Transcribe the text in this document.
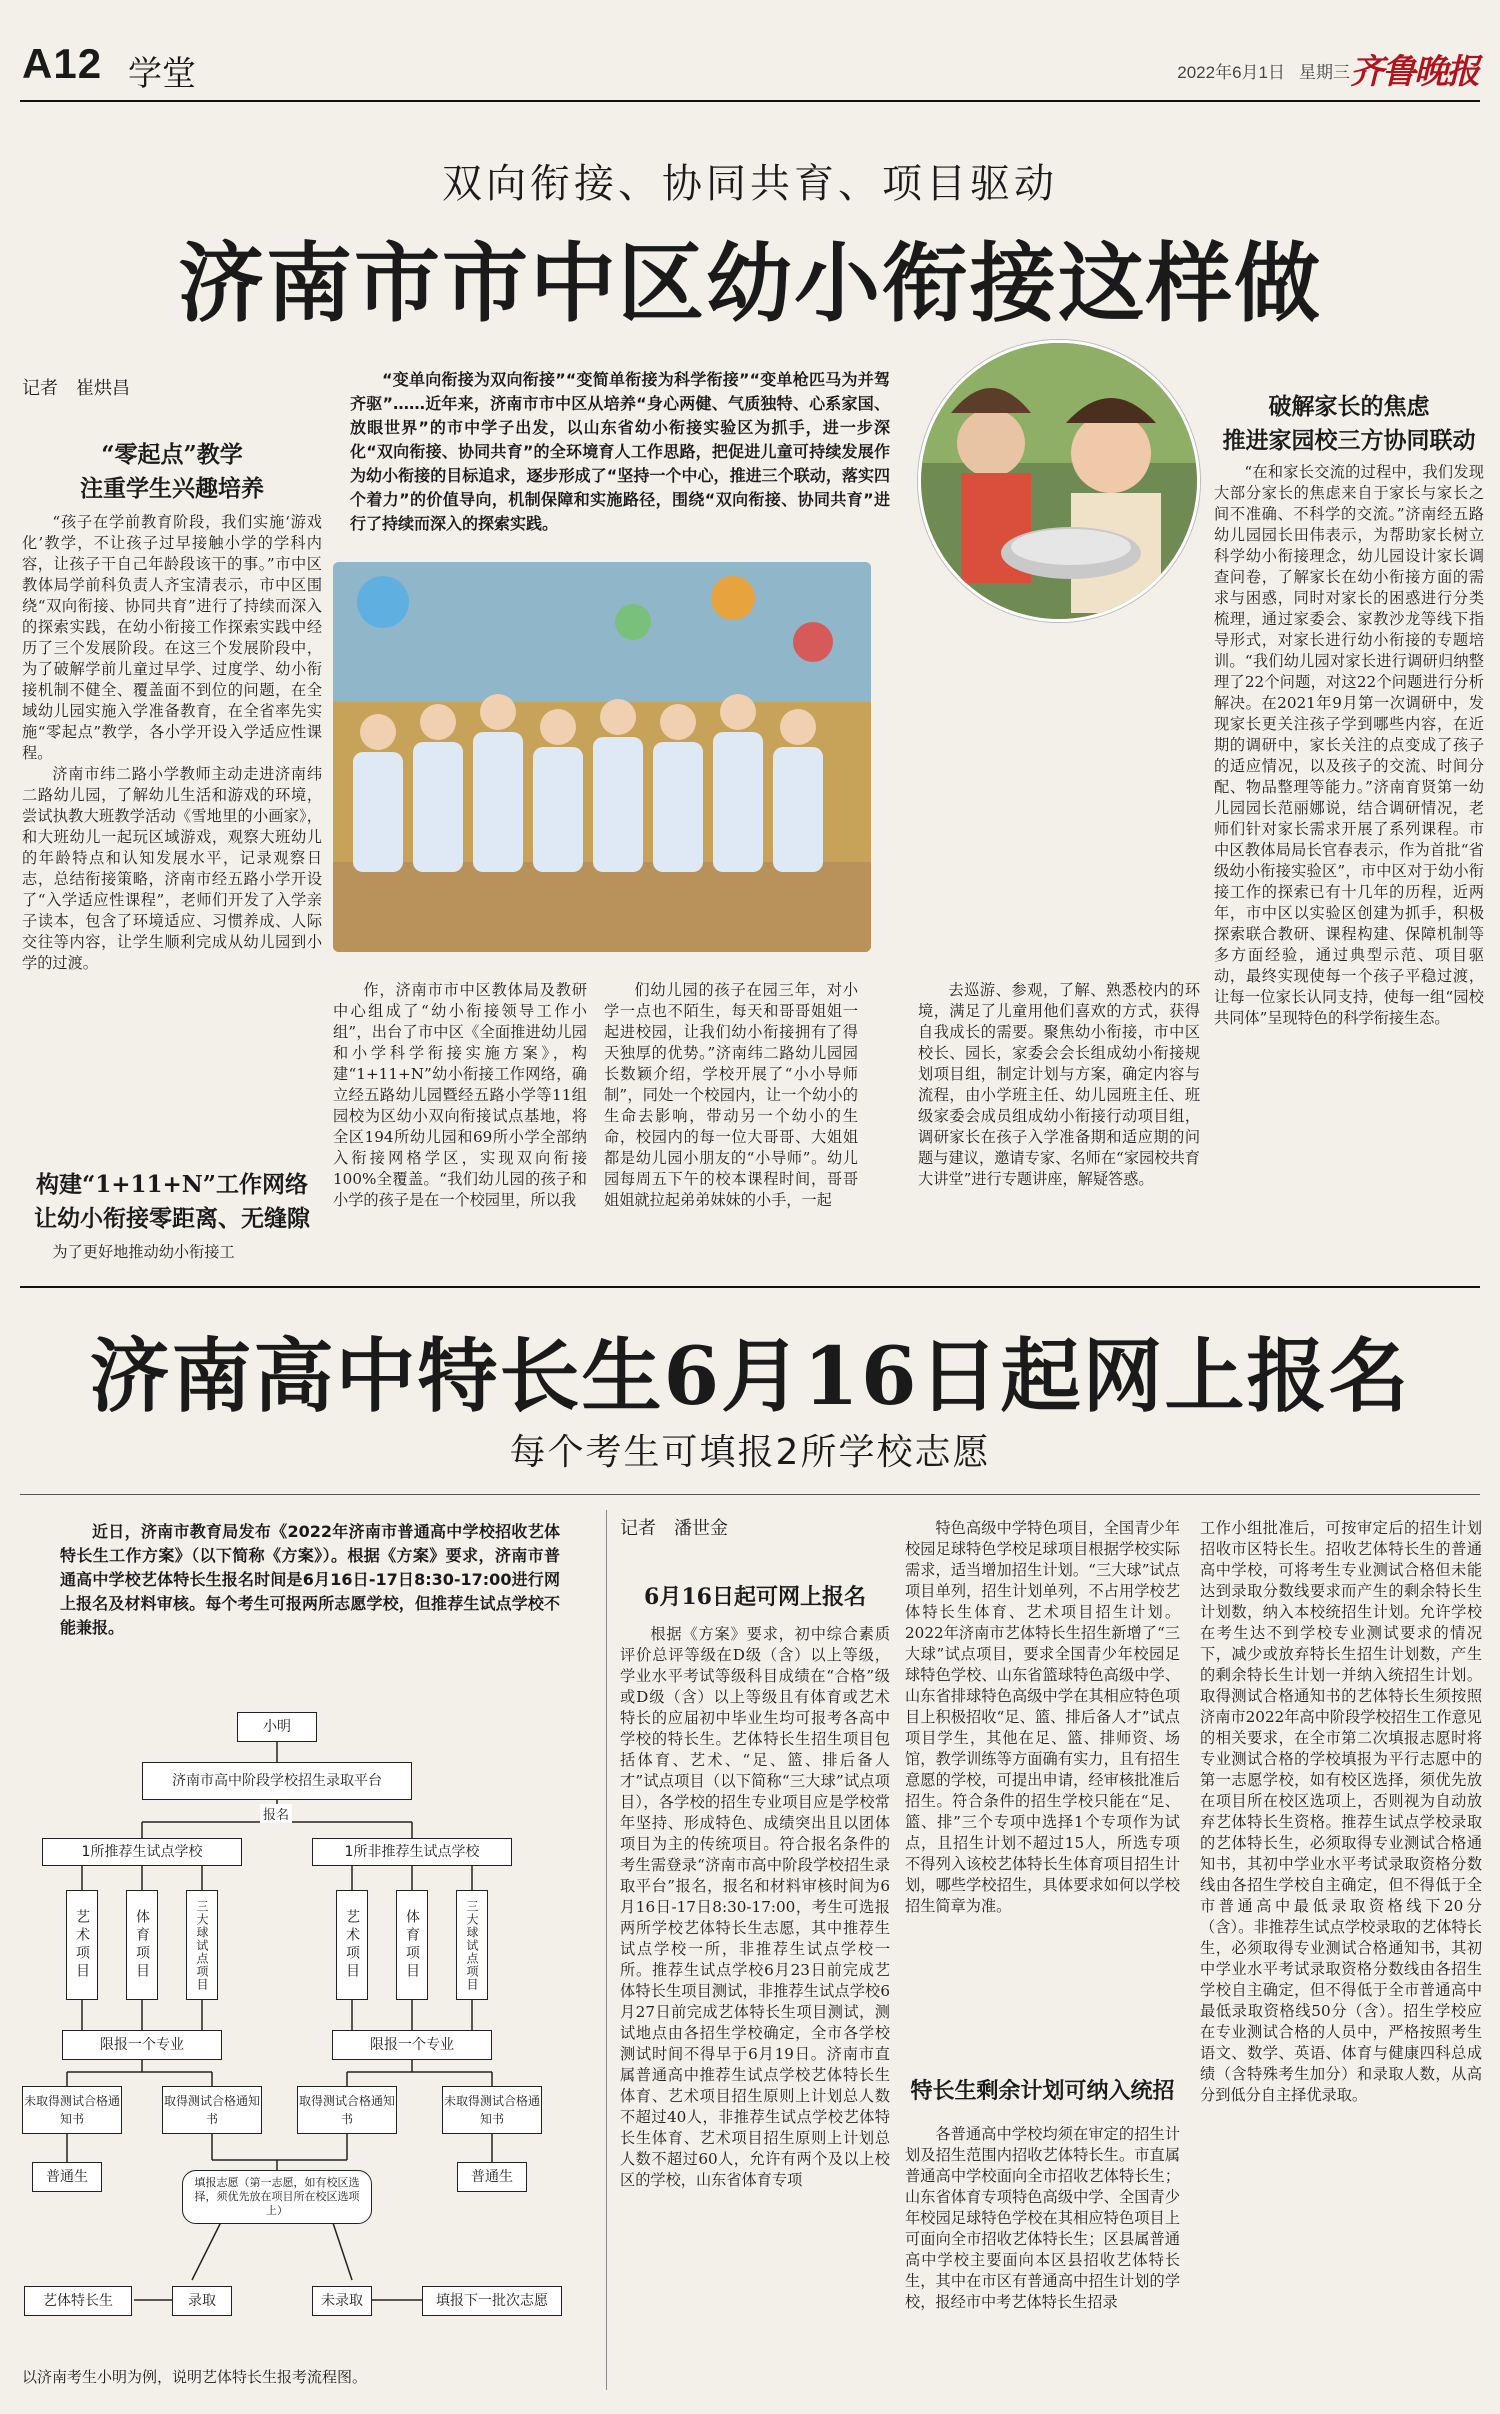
A12 学堂	2022年6月1日 星期三 齐鲁晚报
双向衔接、协同共育、项目驱动
济南市市中区幼小衔接这样做
记者　崔烘昌	“变单向衔接为双向衔接”“变简单衔接为科学衔接”“变单枪匹马为并驾齐驱”……近年来，济南市市中区从培养“身心两健、气质独特、心系家国、放眼世界”的市中学子出发，以山东省幼小衔接实验区为抓手，进一步深化“双向衔接、协同共育”的全环境育人工作思路，把促进儿童可持续发展作为幼小衔接的目标追求，逐步形成了“坚持一个中心，推进三个联动，落实四个着力”的价值导向，机制保障和实施路径，围绕“双向衔接、协同共育”进行了持续而深入的探索实践。

“零起点”教学
注重学生兴趣培养

“孩子在学前教育阶段，我们实施‘游戏化’教学，不让孩子过早接触小学的学科内容，让孩子干自己年龄段该干的事。”市中区教体局学前科负责人齐宝清表示，市中区围绕“双向衔接、协同共育”进行了持续而深入的探索实践，在幼小衔接工作探索实践中经历了三个发展阶段。在这三个发展阶段中，为了破解学前儿童过早学、过度学、幼小衔接机制不健全、覆盖面不到位的问题，在全域幼儿园实施入学准备教育，在全省率先实施“零起点”教学，各小学开设入学适应性课程。

济南市纬二路小学教师主动走进济南纬二路幼儿园，了解幼儿生活和游戏的环境，尝试执教大班教学活动《雪地里的小画家》，和大班幼儿一起玩区域游戏，观察大班幼儿的年龄特点和认知发展水平，记录观察日志，总结衔接策略，济南市经五路小学开设了“入学适应性课程”，老师们开发了入学亲子读本，包含了环境适应、习惯养成、人际交往等内容，让学生顺利完成从幼儿园到小学的过渡。

构建“1+11+N”工作网络
让幼小衔接零距离、无缝隙

为了更好地推动幼小衔接工

作，济南市市中区教体局及教研中心组成了“幼小衔接领导工作小组”，出台了市中区《全面推进幼儿园和小学科学衔接实施方案》，构建“1+11+N”幼小衔接工作网络，确立经五路幼儿园暨经五路小学等11组园校为区幼小双向衔接试点基地，将全区194所幼儿园和69所小学全部纳入衔接网格学区，实现双向衔接100%全覆盖。“我们幼儿园的孩子和小学的孩子是在一个校园里，所以我

们幼儿园的孩子在园三年，对小学一点也不陌生，每天和哥哥姐姐一起进校园，让我们幼小衔接拥有了得天独厚的优势。”济南纬二路幼儿园园长数颖介绍，学校开展了“小小导师制”，同处一个校园内，让一个幼小的生命去影响，带动另一个幼小的生命，校园内的每一位大哥哥、大姐姐都是幼儿园小朋友的“小导师”。幼儿园每周五下午的校本课程时间，哥哥姐姐就拉起弟弟妹妹的小手，一起

去巡游、参观，了解、熟悉校内的环境，满足了儿童用他们喜欢的方式，获得自我成长的需要。聚焦幼小衔接，市中区校长、园长，家委会会长组成幼小衔接规划项目组，制定计划与方案，确定内容与流程，由小学班主任、幼儿园班主任、班级家委会成员组成幼小衔接行动项目组，调研家长在孩子入学准备期和适应期的问题与建议，邀请专家、名师在“家园校共育大讲堂”进行专题讲座，解疑答惑。

破解家长的焦虑
推进家园校三方协同联动

“在和家长交流的过程中，我们发现大部分家长的焦虑来自于家长与家长之间不准确、不科学的交流。”济南经五路幼儿园园长田伟表示，为帮助家长树立科学幼小衔接理念，幼儿园设计家长调查问卷，了解家长在幼小衔接方面的需求与困惑，同时对家长的困惑进行分类梳理，通过家委会、家教沙龙等线下指导形式，对家长进行幼小衔接的专题培训。“我们幼儿园对家长进行调研归纳整理了22个问题，对这22个问题进行分析解决。在2021年9月第一次调研中，发现家长更关注孩子学到哪些内容，在近期的调研中，家长关注的点变成了孩子的适应情况，以及孩子的交流、时间分配、物品整理等能力。”济南育贤第一幼儿园园长范丽娜说，结合调研情况，老师们针对家长需求开展了系列课程。市中区教体局局长官春表示，作为首批“省级幼小衔接实验区”，市中区对于幼小衔接工作的探索已有十几年的历程，近两年，市中区以实验区创建为抓手，积极探索联合教研、课程构建、保障机制等多方面经验，通过典型示范、项目驱动，最终实现使每一个孩子平稳过渡，让每一位家长认同支持，使每一组“园校共同体”呈现特色的科学衔接生态。

济南高中特长生6月16日起网上报名
每个考生可填报2所学校志愿

近日，济南市教育局发布《2022年济南市普通高中学校招收艺体特长生工作方案》（以下简称《方案》）。根据《方案》要求，济南市普通高中学校艺体特长生报名时间是6月16日-17日8:30-17:00进行网上报名及材料审核。每个考生可报两所志愿学校，但推荐生试点学校不能兼报。

小明
济南市高中阶段学校招生录取平台
报名
1所推荐生试点学校	1所非推荐生试点学校
艺术项目	体育项目	三大球试点项目	艺术项目	体育项目	三大球试点项目
限报一个专业	限报一个专业
未取得测试合格通知书
取得测试合格通知书
取得测试合格通知书
未取得测试合格通知书
普通生	普通生
填报志愿（第一志愿，如有校区选择，须优先放在项目所在校区选项上）
艺体特长生	录取	未录取	填报下一批次志愿
以济南考生小明为例，说明艺体特长生报考流程图。
记者　潘世金
6月16日起可网上报名

根据《方案》要求，初中综合素质评价总评等级在D级（含）以上等级，学业水平考试等级科目成绩在“合格”级或D级（含）以上等级且有体育或艺术特长的应届初中毕业生均可报考各高中学校的特长生。艺体特长生招生项目包括体育、艺术、“足、篮、排后备人才”试点项目（以下简称“三大球”试点项目），各学校的招生专业项目应是学校常年坚持、形成特色、成绩突出且以团体项目为主的传统项目。符合报名条件的考生需登录“济南市高中阶段学校招生录取平台”报名，报名和材料审核时间为6月16日-17日8:30-17:00，考生可选报两所学校艺体特长生志愿，其中推荐生试点学校一所，非推荐生试点学校一所。推荐生试点学校6月23日前完成艺体特长生项目测试，非推荐生试点学校6月27日前完成艺体特长生项目测试，测试地点由各招生学校确定，全市各学校测试时间不得早于6月19日。济南市直属普通高中推荐生试点学校艺体特长生体育、艺术项目招生原则上计划总人数不超过40人，非推荐生试点学校艺体特长生体育、艺术项目招生原则上计划总人数不超过60人，允许有两个及以上校区的学校，山东省体育专项

特色高级中学特色项目，全国青少年校园足球特色学校足球项目根据学校实际需求，适当增加招生计划。“三大球”试点项目单列，招生计划单列，不占用学校艺体特长生体育、艺术项目招生计划。2022年济南市艺体特长生招生新增了“三大球”试点项目，要求全国青少年校园足球特色学校、山东省篮球特色高级中学、山东省排球特色高级中学在其相应特色项目上积极招收“足、篮、排后备人才”试点项目学生，其他在足、篮、排师资、场馆，教学训练等方面确有实力，且有招生意愿的学校，可提出申请，经审核批准后招生。符合条件的招生学校只能在“足、篮、排”三个专项中选择1个专项作为试点，且招生计划不超过15人，所选专项不得列入该校艺体特长生体育项目招生计划，哪些学校招生，具体要求如何以学校招生简章为准。

特长生剩余计划可纳入统招

各普通高中学校均须在审定的招生计划及招生范围内招收艺体特长生。市直属普通高中学校面向全市招收艺体特长生；山东省体育专项特色高级中学、全国青少年校园足球特色学校在其相应特色项目上可面向全市招收艺体特长生；区县属普通高中学校主要面向本区县招收艺体特长生，其中在市区有普通高中招生计划的学校，报经市中考艺体特长生招录

工作小组批准后，可按审定后的招生计划招收市区特长生。招收艺体特长生的普通高中学校，可将考生专业测试合格但未能达到录取分数线要求而产生的剩余特长生计划数，纳入本校统招生计划。允许学校在考生达不到学校专业测试要求的情况下，减少或放弃特长生招生计划数，产生的剩余特长生计划一并纳入统招生计划。取得测试合格通知书的艺体特长生须按照济南市2022年高中阶段学校招生工作意见的相关要求，在全市第二次填报志愿时将专业测试合格的学校填报为平行志愿中的第一志愿学校，如有校区选择，须优先放在项目所在校区选项上，否则视为自动放弃艺体特长生资格。推荐生试点学校录取的艺体特长生，必须取得专业测试合格通知书，其初中学业水平考试录取资格分数线由各招生学校自主确定，但不得低于全市普通高中最低录取资格线下20分（含）。非推荐生试点学校录取的艺体特长生，必须取得专业测试合格通知书，其初中学业水平考试录取资格分数线由各招生学校自主确定，但不得低于全市普通高中最低录取资格线50分（含）。招生学校应在专业测试合格的人员中，严格按照考生语文、数学、英语、体育与健康四科总成绩（含特殊考生加分）和录取人数，从高分到低分自主择优录取。
